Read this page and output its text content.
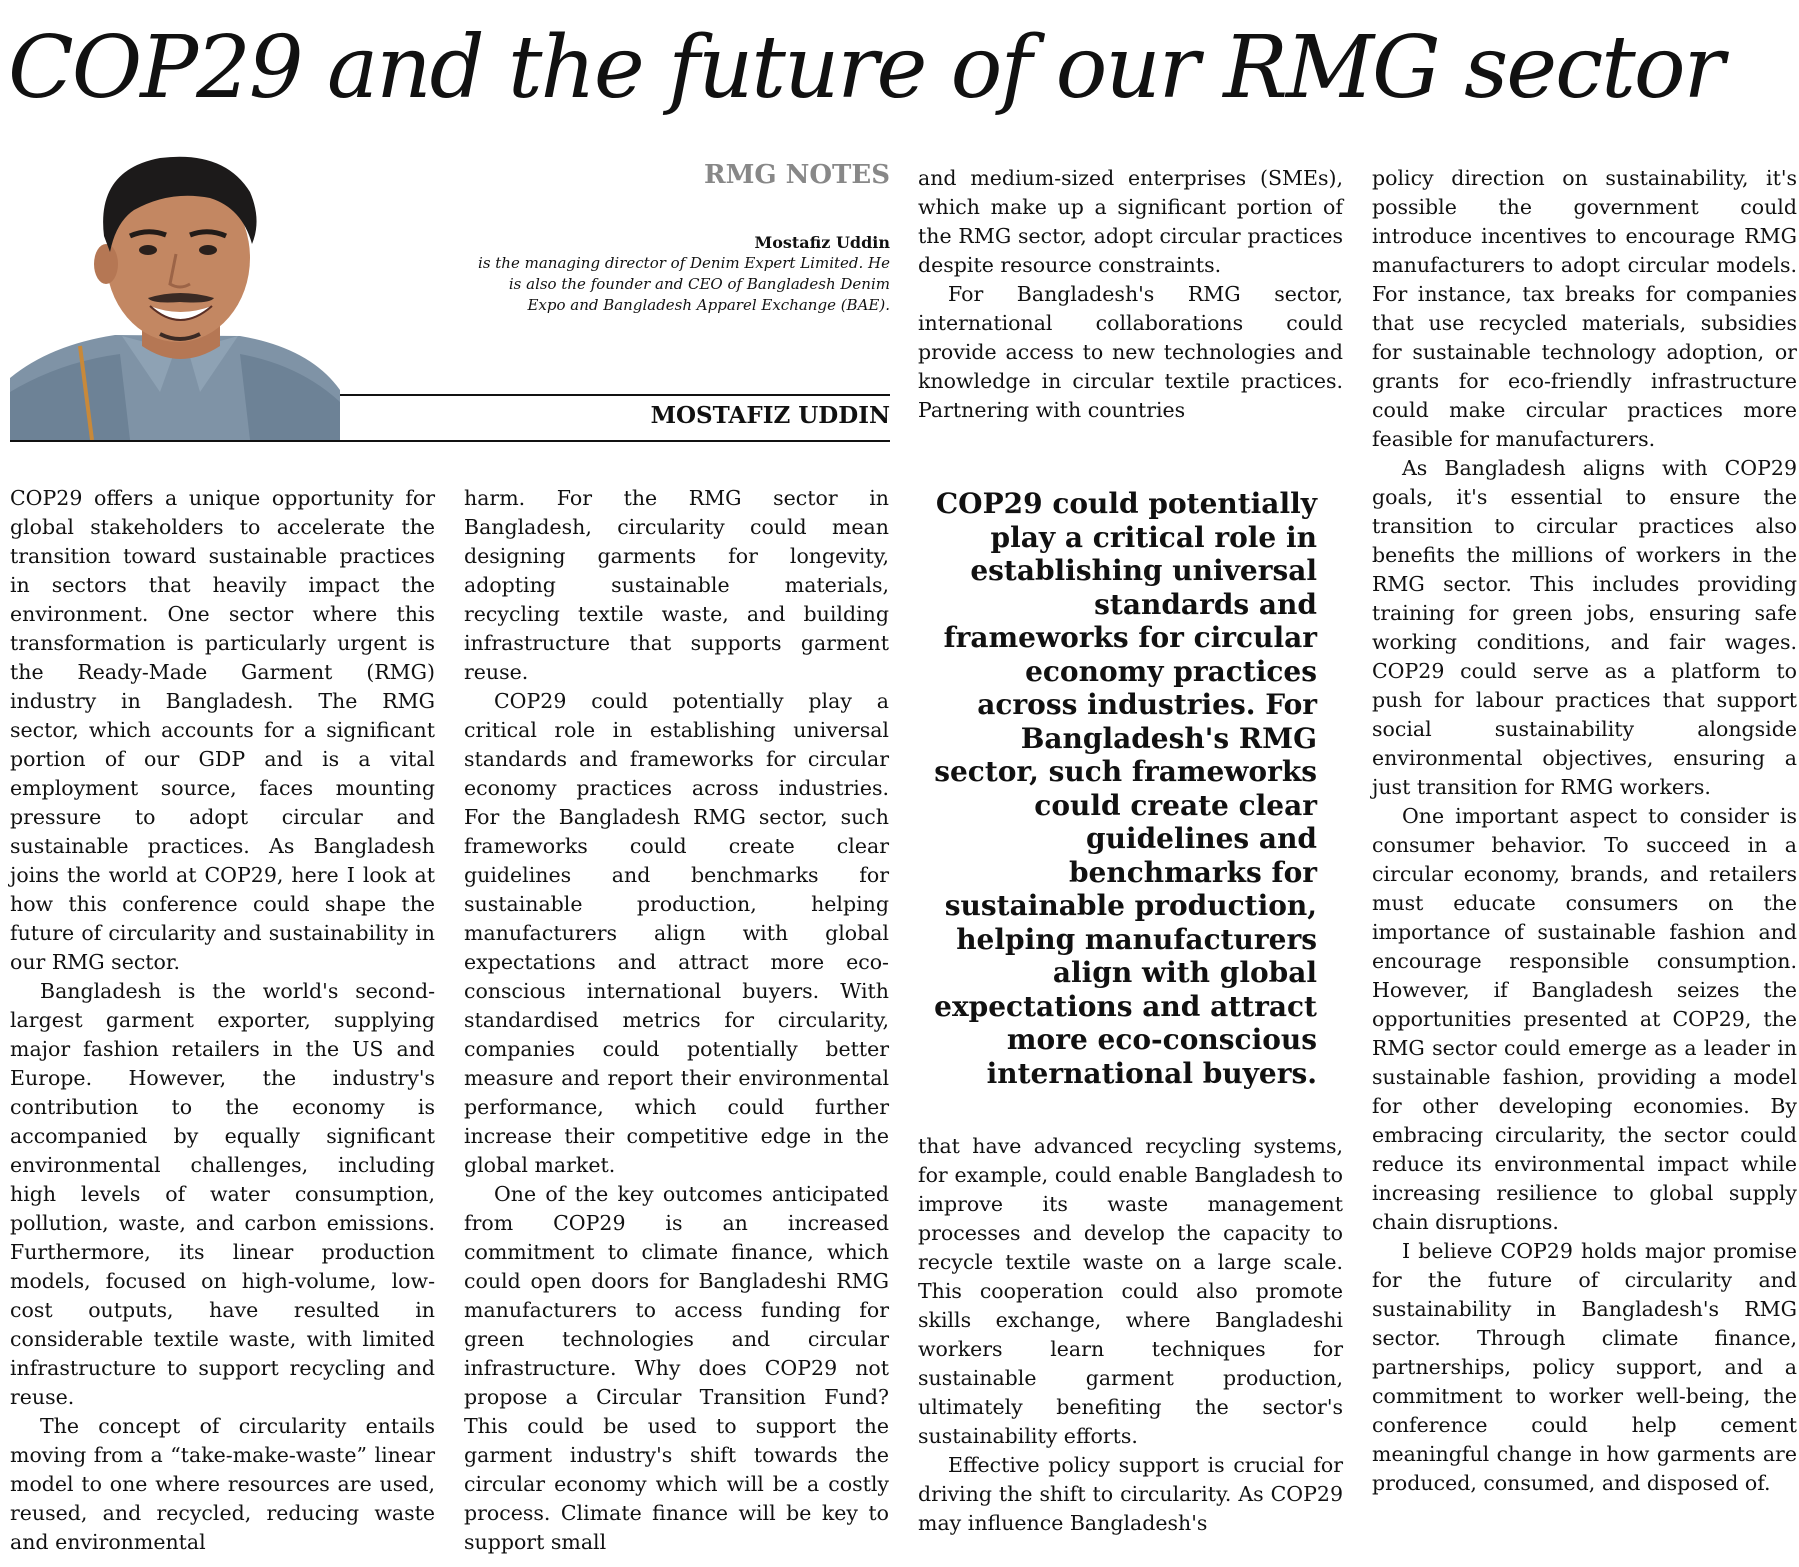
COP29 and the future of our RMG sector
RMG NOTES
Mostafiz Uddin
is the managing director of Denim Expert Limited. He is also the founder and CEO of Bangladesh Denim Expo and Bangladesh Apparel Exchange (BAE).
MOSTAFIZ UDDIN

COP29 offers a unique opportunity for global stakeholders to accelerate the transition toward sustainable practices in sectors that heavily impact the environment. One sector where this transformation is particularly urgent is the Ready-Made Garment (RMG) industry in Bangladesh. The RMG sector, which accounts for a significant portion of our GDP and is a vital employment source, faces mounting pressure to adopt circular and sustainable practices. As Bangladesh joins the world at COP29, here I look at how this conference could shape the future of circularity and sustainability in our RMG sector.

Bangladesh is the world's second-largest garment exporter, supplying major fashion retailers in the US and Europe. However, the industry's contribution to the economy is accompanied by equally significant environmental challenges, including high levels of water consumption, pollution, waste, and carbon emissions. Furthermore, its linear production models, focused on high-volume, low-cost outputs, have resulted in considerable textile waste, with limited infrastructure to support recycling and reuse.

The concept of circularity entails moving from a “take-make-waste” linear model to one where resources are used, reused, and recycled, reducing waste and environmental

harm. For the RMG sector in Bangladesh, circularity could mean designing garments for longevity, adopting sustainable materials, recycling textile waste, and building infrastructure that supports garment reuse.

COP29 could potentially play a critical role in establishing universal standards and frameworks for circular economy practices across industries. For the Bangladesh RMG sector, such frameworks could create clear guidelines and benchmarks for sustainable production, helping manufacturers align with global expectations and attract more eco-conscious international buyers. With standardised metrics for circularity, companies could potentially better measure and report their environmental performance, which could further increase their competitive edge in the global market.

One of the key outcomes anticipated from COP29 is an increased commitment to climate finance, which could open doors for Bangladeshi RMG manufacturers to access funding for green technologies and circular infrastructure. Why does COP29 not propose a Circular Transition Fund? This could be used to support the garment industry's shift towards the circular economy which will be a costly process. Climate finance will be key to support small

and medium-sized enterprises (SMEs), which make up a significant portion of the RMG sector, adopt circular practices despite resource constraints.

For Bangladesh's RMG sector, international collaborations could provide access to new technologies and knowledge in circular textile practices. Partnering with countries

COP29 could potentially play a critical role in establishing universal standards and frameworks for circular economy practices across industries. For Bangladesh's RMG sector, such frameworks could create clear guidelines and benchmarks for sustainable production, helping manufacturers align with global expectations and attract more eco-conscious international buyers.

that have advanced recycling systems, for example, could enable Bangladesh to improve its waste management processes and develop the capacity to recycle textile waste on a large scale. This cooperation could also promote skills exchange, where Bangladeshi workers learn techniques for sustainable garment production, ultimately benefiting the sector's sustainability efforts.

Effective policy support is crucial for driving the shift to circularity. As COP29 may influence Bangladesh's

policy direction on sustainability, it's possible the government could introduce incentives to encourage RMG manufacturers to adopt circular models. For instance, tax breaks for companies that use recycled materials, subsidies for sustainable technology adoption, or grants for eco-friendly infrastructure could make circular practices more feasible for manufacturers.

As Bangladesh aligns with COP29 goals, it's essential to ensure the transition to circular practices also benefits the millions of workers in the RMG sector. This includes providing training for green jobs, ensuring safe working conditions, and fair wages. COP29 could serve as a platform to push for labour practices that support social sustainability alongside environmental objectives, ensuring a just transition for RMG workers.

One important aspect to consider is consumer behavior. To succeed in a circular economy, brands, and retailers must educate consumers on the importance of sustainable fashion and encourage responsible consumption. However, if Bangladesh seizes the opportunities presented at COP29, the RMG sector could emerge as a leader in sustainable fashion, providing a model for other developing economies. By embracing circularity, the sector could reduce its environmental impact while increasing resilience to global supply chain disruptions.

I believe COP29 holds major promise for the future of circularity and sustainability in Bangladesh's RMG sector. Through climate finance, partnerships, policy support, and a commitment to worker well-being, the conference could help cement meaningful change in how garments are produced, consumed, and disposed of.
